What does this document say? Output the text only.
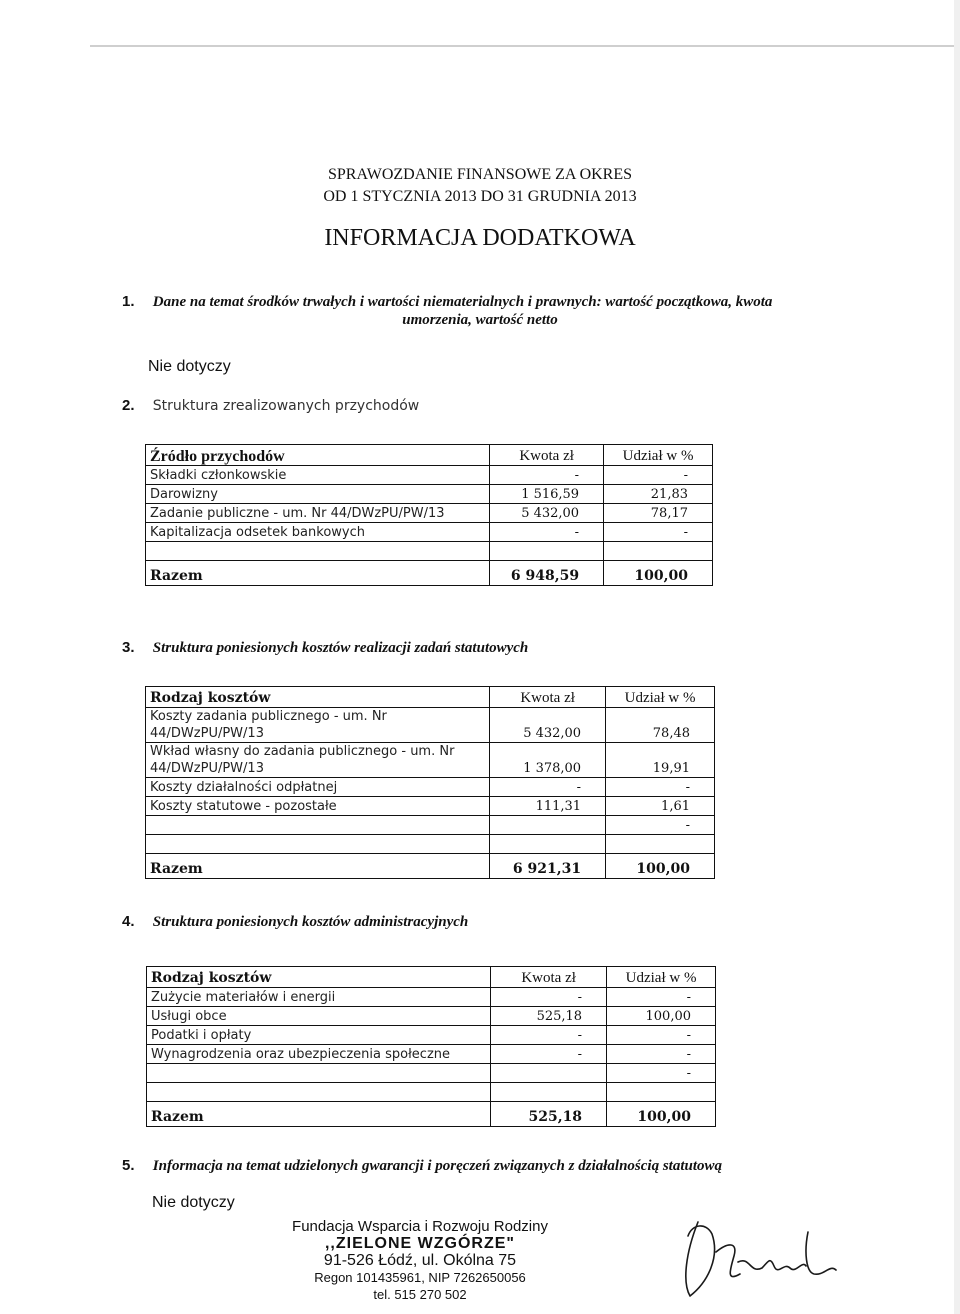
SPRAWOZDANIE FINANSOWE ZA OKRES
OD 1 STYCZNIA 2013 DO 31 GRUDNIA 2013
INFORMACJA DODATKOWA
1. Dane na temat środków trwałych i wartości niematerialnych i prawnych: wartość początkowa, kwota
umorzenia, wartość netto
Nie dotyczy
2. Struktura zrealizowanych przychodów
Źródło przychodów	Kwota zł	Udział w %
Składki członkowskie	-	-
Darowizny	1 516,59	21,83
Zadanie publiczne - um. Nr 44/DWzPU/PW/13	5 432,00	78,17
Kapitalizacja odsetek bankowych	-	-

Razem	6 948,59	100,00
3. Struktura poniesionych kosztów realizacji zadań statutowych
Rodzaj kosztów	Kwota zł	Udział w %

Koszty zadania publicznego - um. Nr
44/DWzPU/PW/13	5 432,00	78,48

Wkład własny do zadania publicznego - um. Nr
44/DWzPU/PW/13	1 378,00	19,91
Koszty działalności odpłatnej	-	-
Koszty statutowe - pozostałe	111,31	1,61
		-

Razem	6 921,31	100,00
4. Struktura poniesionych kosztów administracyjnych
Rodzaj kosztów	Kwota zł	Udział w %
Zużycie materiałów i energii	-	-
Usługi obce	525,18	100,00
Podatki i opłaty	-	-
Wynagrodzenia oraz ubezpieczenia społeczne	-	-
		-

Razem	525,18	100,00
5. Informacja na temat udzielonych gwarancji i poręczeń związanych z działalnością statutową
Nie dotyczy
Fundacja Wsparcia i Rozwoju Rodziny
,,ZIELONE WZGÓRZE"
91-526 Łódź, ul. Okólna 75
Regon 101435961, NIP 7262650056
tel. 515 270 502
